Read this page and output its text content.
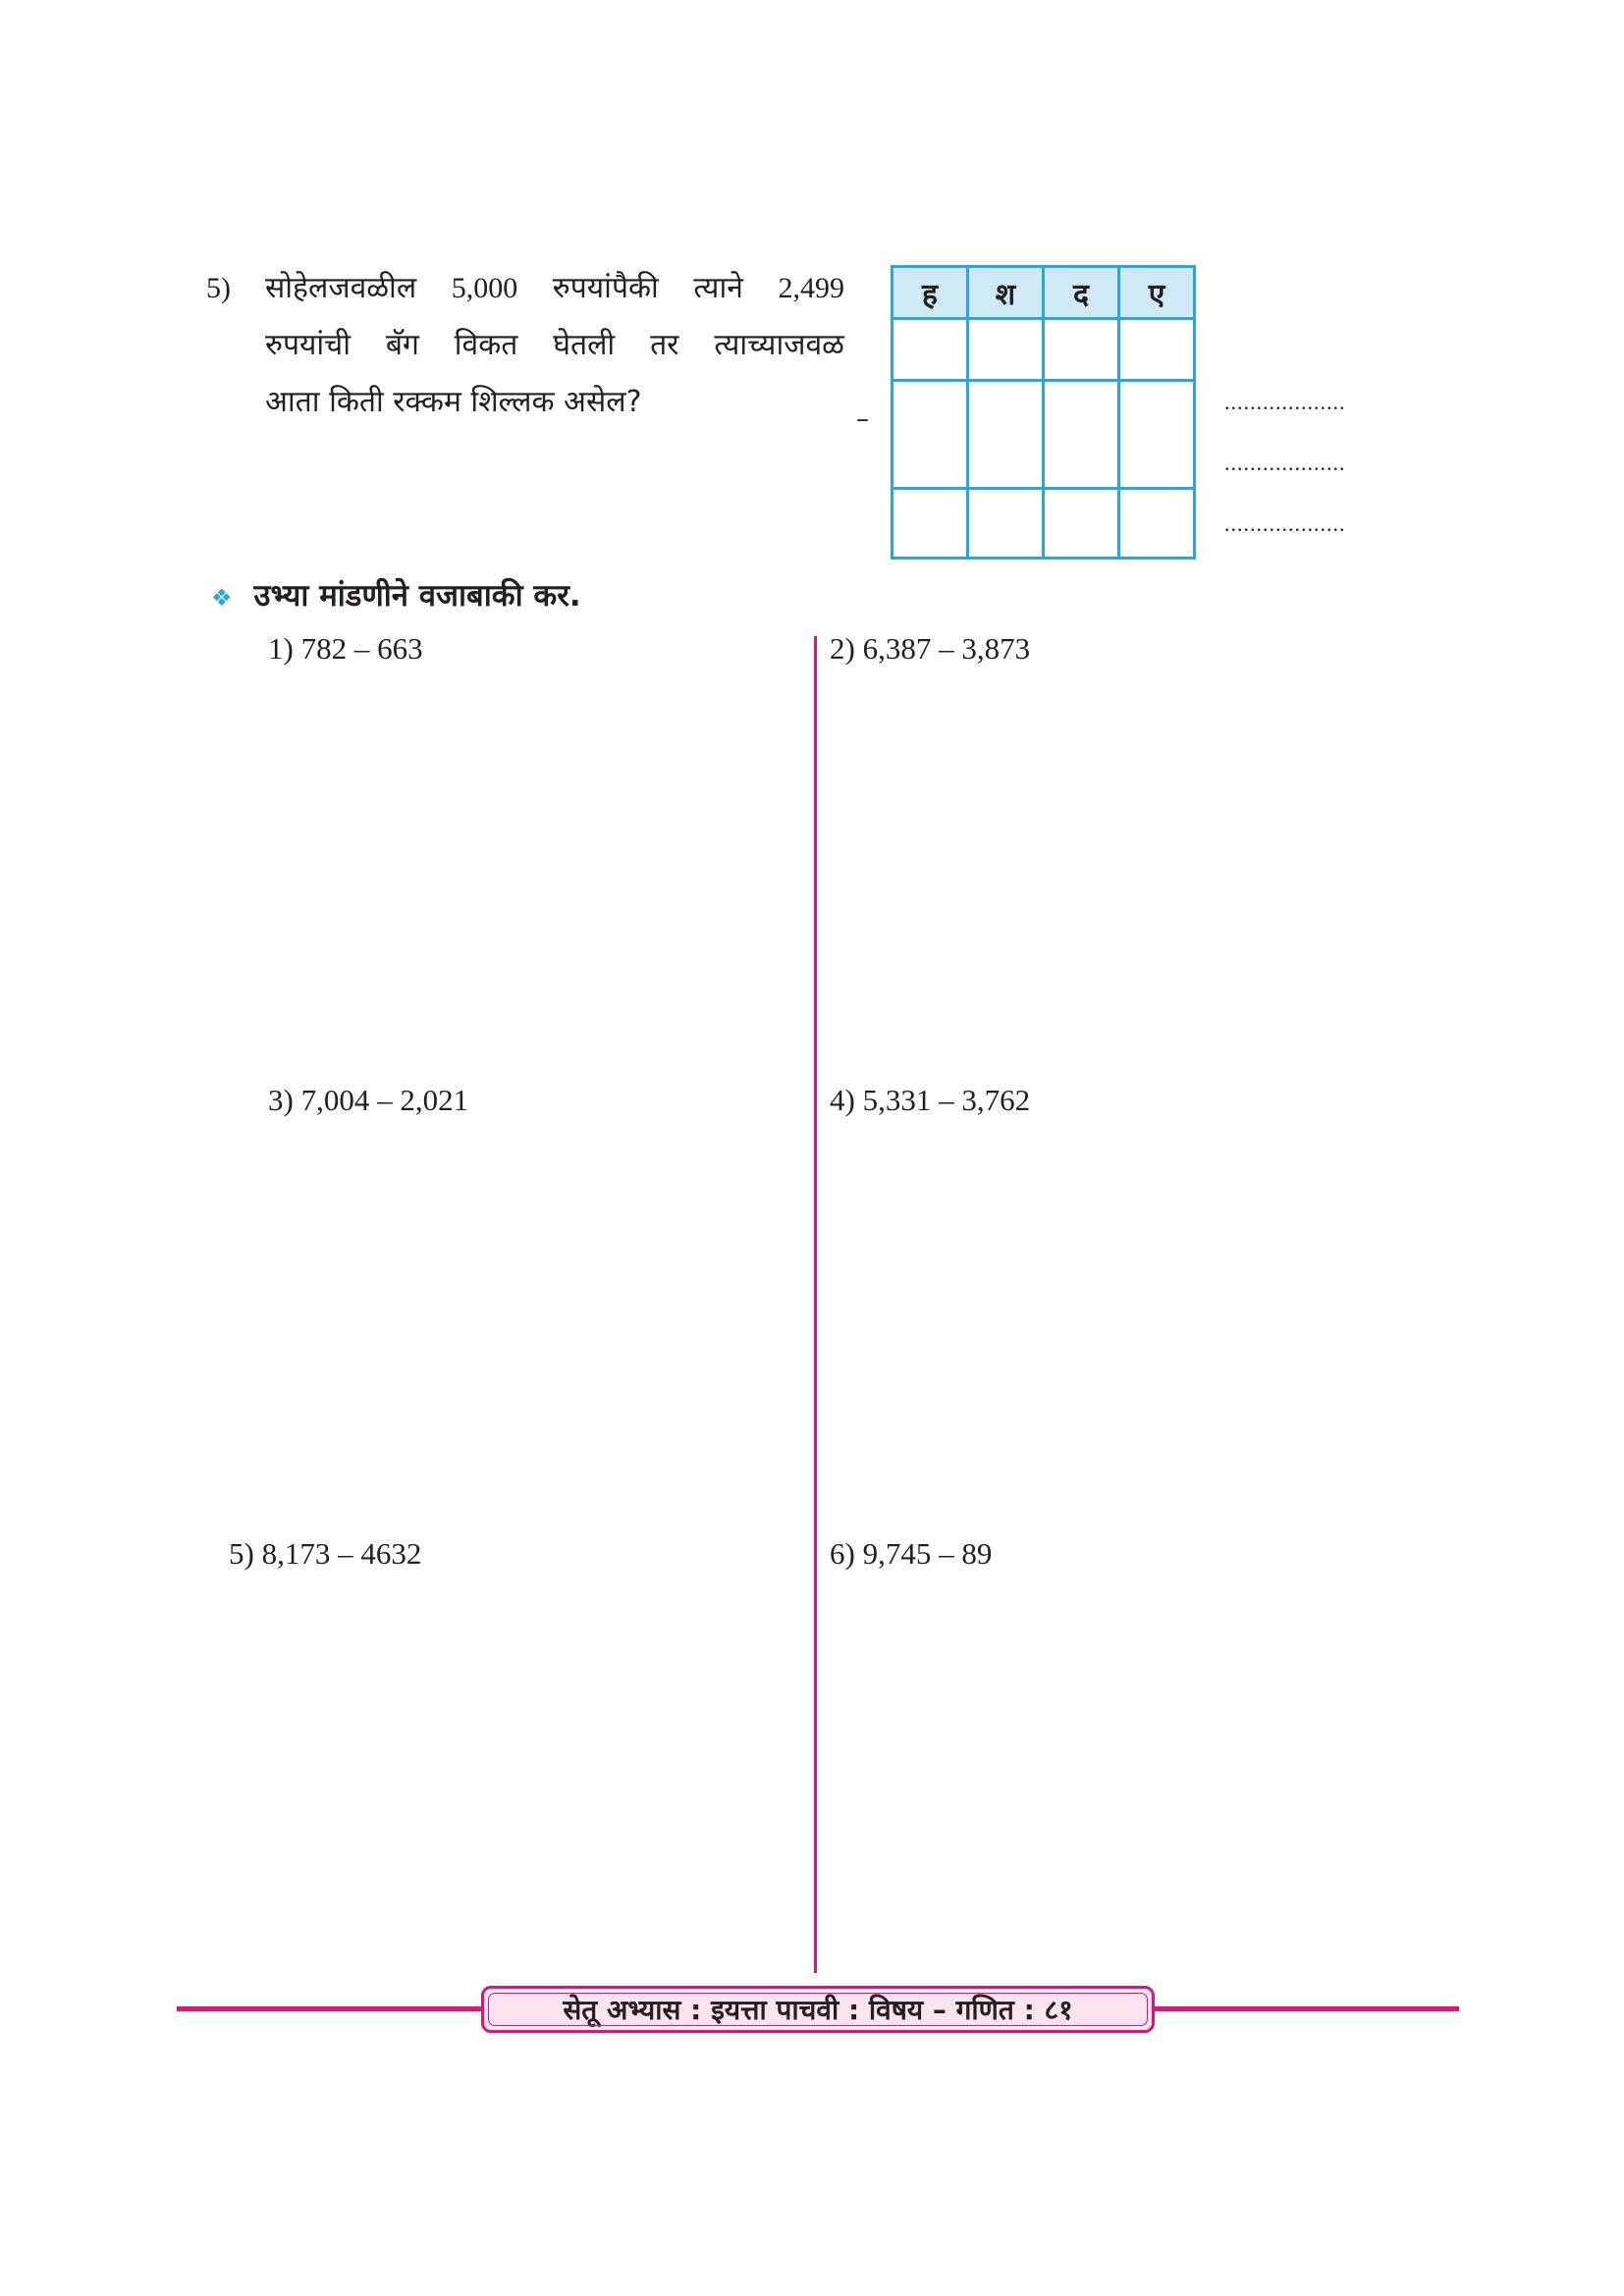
5) सोहेलजवळील 5,000 रुपयांपैकी त्याने 2,499
रुपयांची बॅग विकत घेतली तर त्याच्याजवळ
आता किती रक्कम शिल्लक असेल?
ह	श	द	ए

–
...................
...................
...................
❖ उभ्या मांडणीने वजाबाकी कर.
1) 782 – 663	2) 6,387 – 3,873
3) 7,004 – 2,021	4) 5,331 – 3,762
5) 8,173 – 4632	6) 9,745 – 89
सेतू अभ्यास : इयत्ता पाचवी : विषय – गणित : ८१
